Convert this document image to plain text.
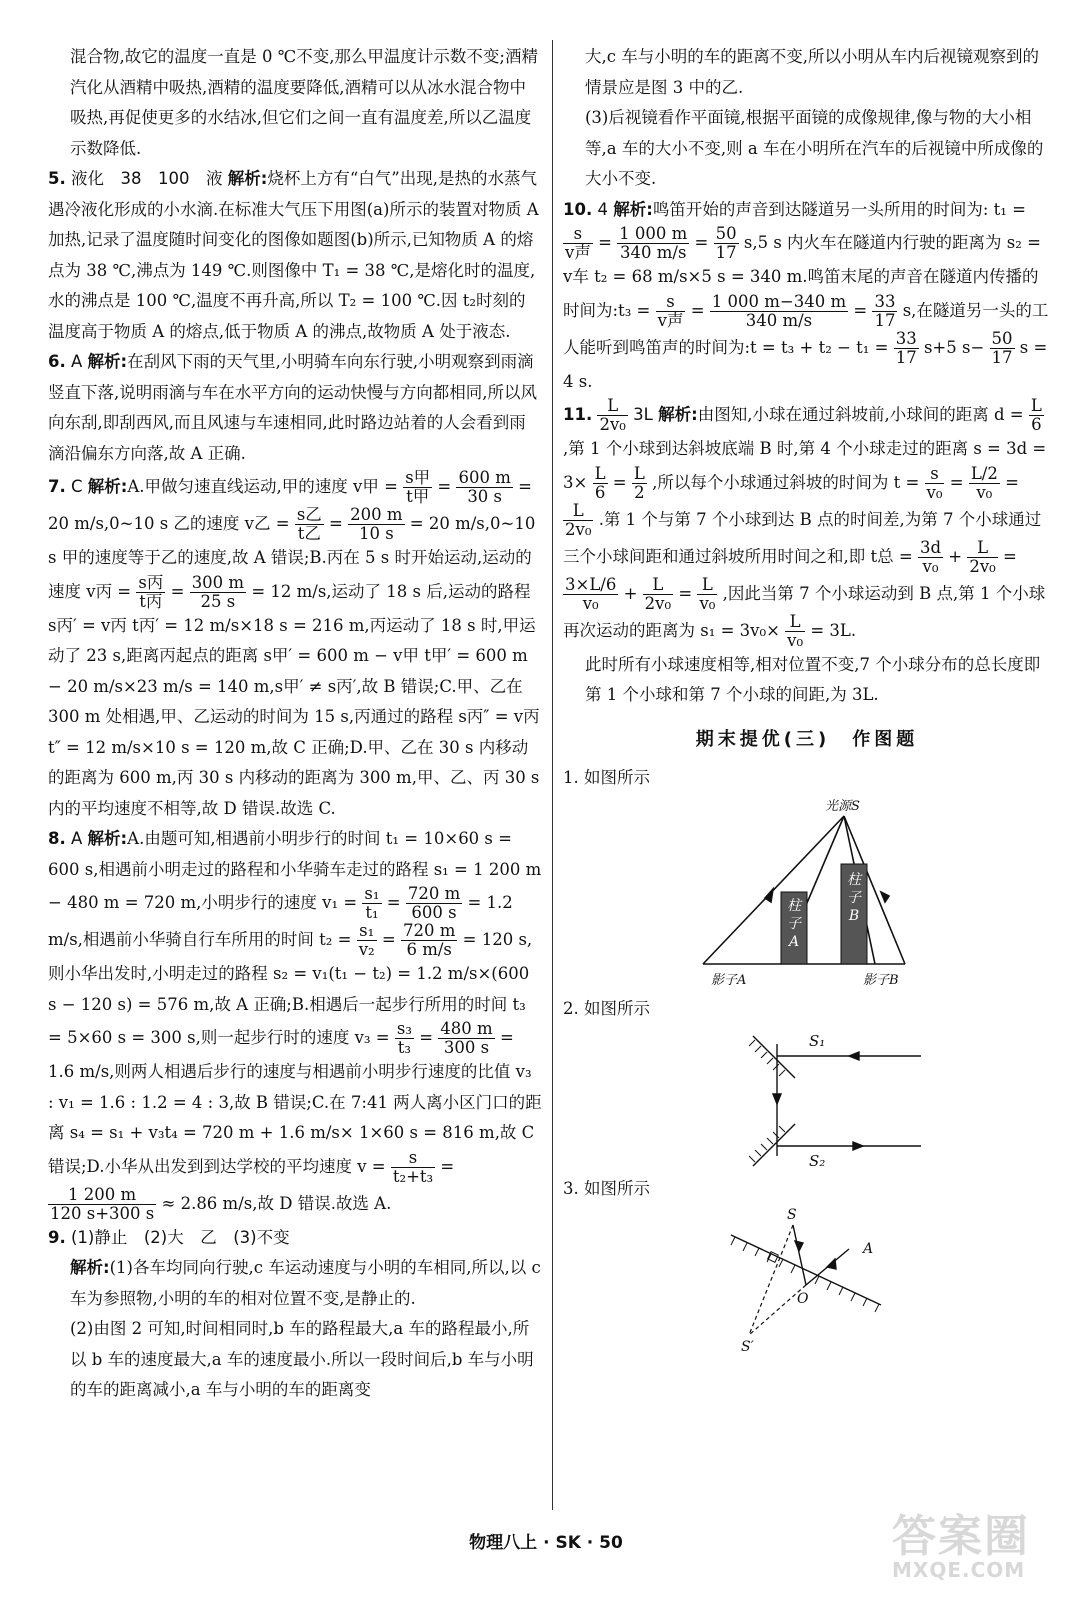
混合物,故它的温度一直是 0 ℃不变,那么甲温度计示数不变;酒精汽化从酒精中吸热,酒精的温度要降低,酒精可以从冰水混合物中吸热,再促使更多的水结冰,但它们之间一直有温度差,所以乙温度示数降低.

5. 液化　38　100　液 解析:烧杯上方有“白气”出现,是热的水蒸气遇冷液化形成的小水滴.在标准大气压下用图(a)所示的装置对物质 A 加热,记录了温度随时间变化的图像如题图(b)所示,已知物质 A 的熔点为 38 ℃,沸点为 149 ℃.则图像中 T₁ = 38 ℃,是熔化时的温度,水的沸点是 100 ℃,温度不再升高,所以 T₂ = 100 ℃.因 t₂时刻的温度高于物质 A 的熔点,低于物质 A 的沸点,故物质 A 处于液态.

6. A 解析:在刮风下雨的天气里,小明骑车向东行驶,小明观察到雨滴竖直下落,说明雨滴与车在水平方向的运动快慢与方向都相同,所以风向东刮,即刮西风,而且风速与车速相同,此时路边站着的人会看到雨滴沿偏东方向落,故 A 正确.

7. C 解析:A.甲做匀速直线运动,甲的速度 v甲 = $\frac{\text{s甲}}{\text{t甲}} = \frac{600 m}{30 s} = 20$ m/s,0~10 s 乙的速度 v乙 = $\frac{\text{s乙}}{\text{t乙}} = \frac{200 m}{10 s} = 20$ m/s,0~10 s 甲的速度等于乙的速度,故 A 错误;B.丙在 5 s 时开始运动,运动的速度 v丙 = $\frac{\text{s丙}}{\text{t丙}} = \frac{300 m}{25 s} = 12$ m/s,运动了 18 s 后,运动的路程 s丙′ = v丙 t丙′ = 12 m/s×18 s = 216 m,丙运动了 18 s 时,甲运动了 23 s,距离丙起点的距离 s甲′ = 600 m − v甲 t甲′ = 600 m − 20 m/s×23 m/s = 140 m,s甲′ ≠ s丙′,故 B 错误;C.甲、乙在 300 m 处相遇,甲、乙运动的时间为 15 s,丙通过的路程 s丙″ = v丙 t″ = 12 m/s×10 s = 120 m,故 C 正确;D.甲、乙在 30 s 内移动的距离为 600 m,丙 30 s 内移动的距离为 300 m,甲、乙、丙 30 s 内的平均速度不相等,故 D 错误.故选 C.

8. A 解析:A.由题可知,相遇前小明步行的时间 t₁ = 10×60 s = 600 s,相遇前小明走过的路程和小华骑车走过的路程 s₁ = 1 200 m − 480 m = 720 m,小明步行的速度 $v_1 = \frac{\text{s₁}}{\text{t₁}} = \frac{720 m}{600 s} = 1.2$ m/s,相遇前小华骑自行车所用的时间 $t_2 = \frac{\text{s₁}}{\text{v₂}} = \frac{720 m}{6 m/s} = 120$ s,则小华出发时,小明走过的路程 s₂ = v₁(t₁ − t₂) = 1.2 m/s×(600 s − 120 s) = 576 m,故 A 正确;B.相遇后一起步行所用的时间 t₃ = 5×60 s = 300 s,则一起步行时的速度 $v_3 = \frac{\text{s₃}}{\text{t₃}} = \frac{480 m}{300 s} = 1.6$ m/s,则两人相遇后步行的速度与相遇前小明步行速度的比值 v₃ : v₁ = 1.6 : 1.2 = 4 : 3,故 B 错误;C.在 7:41 两人离小区门口的距离 s₄ = s₁ + v₃t₄ = 720 m + 1.6 m/s× 1×60 s = 816 m,故 C 错误;D.小华从出发到到达学校的平均速度 $v = \frac{s}{\text{t₂+t₃}}$ =
$\frac{1 200 m}{120 s+300 s} \approx 2.86$ m/s,故 D 错误.故选 A.

9. (1)静止　(2)大　乙　(3)不变

解析:(1)各车均同向行驶,c 车运动速度与小明的车相同,所以,以 c 车为参照物,小明的车的相对位置不变,是静止的.

(2)由图 2 可知,时间相同时,b 车的路程最大,a 车的路程最小,所以 b 车的速度最大,a 车的速度最小.所以一段时间后,b 车与小明的车的距离减小,a 车与小明的车的距离变

大,c 车与小明的车的距离不变,所以小明从车内后视镜观察到的情景应是图 3 中的乙.

(3)后视镜看作平面镜,根据平面镜的成像规律,像与物的大小相等,a 车的大小不变,则 a 车在小明所在汽车的后视镜中所成像的大小不变.

10. 4 解析:鸣笛开始的声音到达隧道另一头所用的时间为: t₁ =
$\frac{s}{\text{v声}} = \frac{1 000 m}{340 m/s} = \frac{50}{17} s,5$ s 内火车在隧道内行驶的距离为 s₂ = v车 t₂ = 68 m/s×5 s = 340 m.鸣笛末尾的声音在隧道内传播的时间为:t₃ = $\frac{s}{\text{v声}} = \frac{1 000 m-340 m}{340 m/s} = \frac{33}{17} s$,在隧道另一头的工人能听到鸣笛声的时间为:t = $t_3 + t_2 - t_1 = \frac{33}{17} s+5$ $s- \frac{50}{17}$ s = 4 s.

11. $\frac{L}{\text{2v₀}} 3L$ 解析:由图知,小球在通过斜坡前,小球间的距离 $d = \frac{L}{6}$
,第 1 个小球到达斜坡底端 B 时,第 4 个小球走过的距离 $s = 3d = 3\times \frac{L}{6} = \frac{L}{2}$ ,所以每个小球通过斜坡的时间为 $t = \frac{s}{\text{v₀}} = \frac{L/2}{\text{v₀}}$ =
$\frac{L}{\text{2v₀}}$ .第 1 个与第 7 个小球到达 B 点的时间差,为第 7 个小球通过三个小球间距和通过斜坡所用时间之和,即 t总 = $\frac{3d}{\text{v₀}} + \frac{L}{\text{2v₀}}$ =
$\frac{3\times L/6}{\text{v₀}} + \frac{L}{\text{2v₀}} = \frac{L}{\text{v₀}}$ ,因此当第 7 个小球运动到 B 点,第 1 个小球再次运动的距离为 $s_1 = 3v_0\times \frac{L}{\text{v₀}} = 3L$.

此时所有小球速度相等,相对位置不变,7 个小球分布的总长度即第 1 个小球和第 7 个小球的间距,为 3L.

期末提优(三)　作图题

1. 如图所示

柱
子
A
柱
子
B
光源S
影子A	影子B

2. 如图所示

S₁
S₂

3. 如图所示

S
A
O
S′
物理八上 · SK · 50	答案圈
MXQE.COM
